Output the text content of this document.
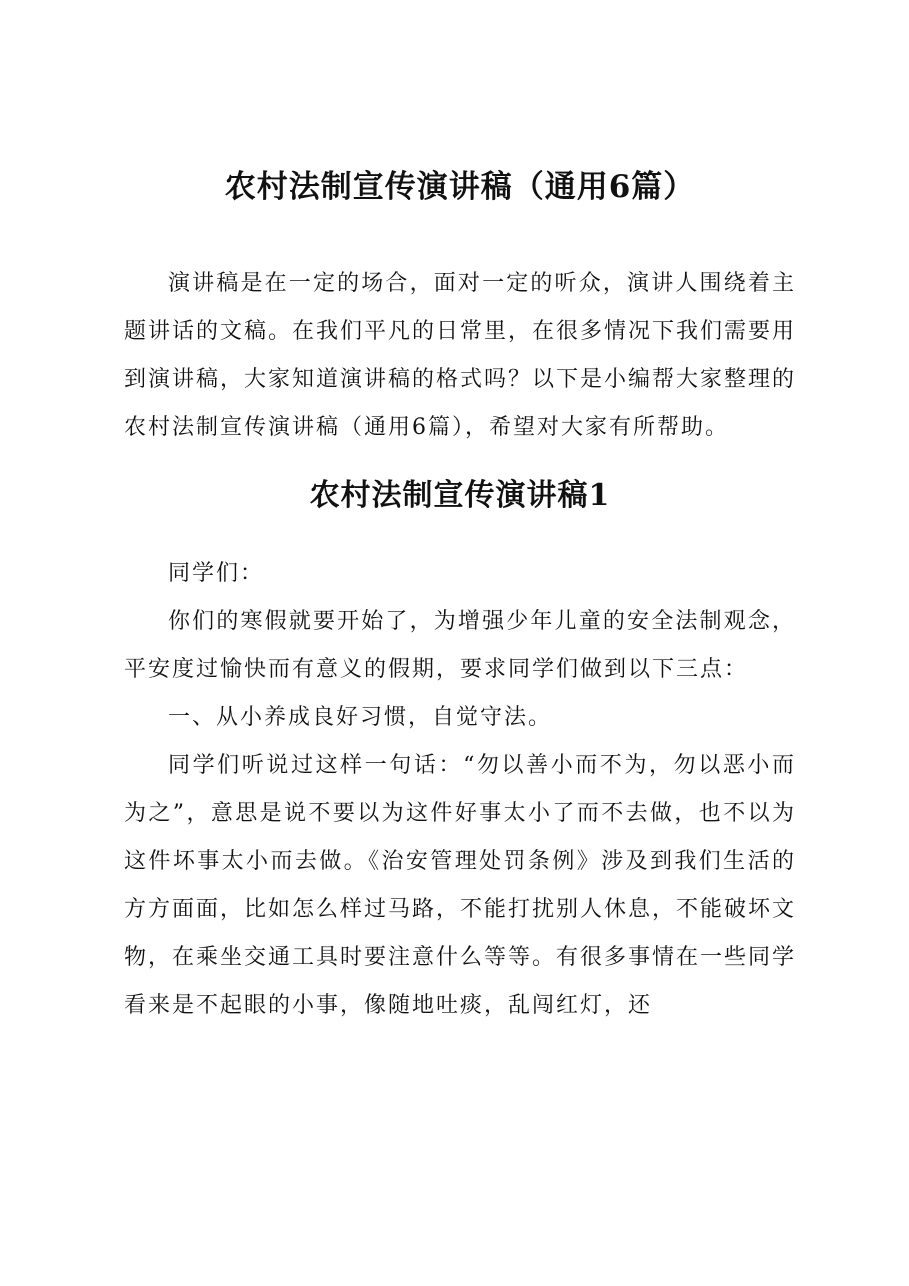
农村法制宣传演讲稿（通用6篇）

演讲稿是在一定的场合，面对一定的听众，演讲人围绕着主题讲话的文稿。在我们平凡的日常里，在很多情况下我们需要用到演讲稿，大家知道演讲稿的格式吗？以下是小编帮大家整理的农村法制宣传演讲稿（通用6篇），希望对大家有所帮助。

农村法制宣传演讲稿1

同学们：

你们的寒假就要开始了，为增强少年儿童的安全法制观念，平安度过愉快而有意义的假期，要求同学们做到以下三点：

一、从小养成良好习惯，自觉守法。

同学们听说过这样一句话：“勿以善小而不为，勿以恶小而为之”，意思是说不要以为这件好事太小了而不去做，也不以为这件坏事太小而去做。《治安管理处罚条例》涉及到我们生活的方方面面，比如怎么样过马路，不能打扰别人休息，不能破坏文物，在乘坐交通工具时要注意什么等等。有很多事情在一些同学看来是不起眼的小事，像随地吐痰，乱闯红灯，还
